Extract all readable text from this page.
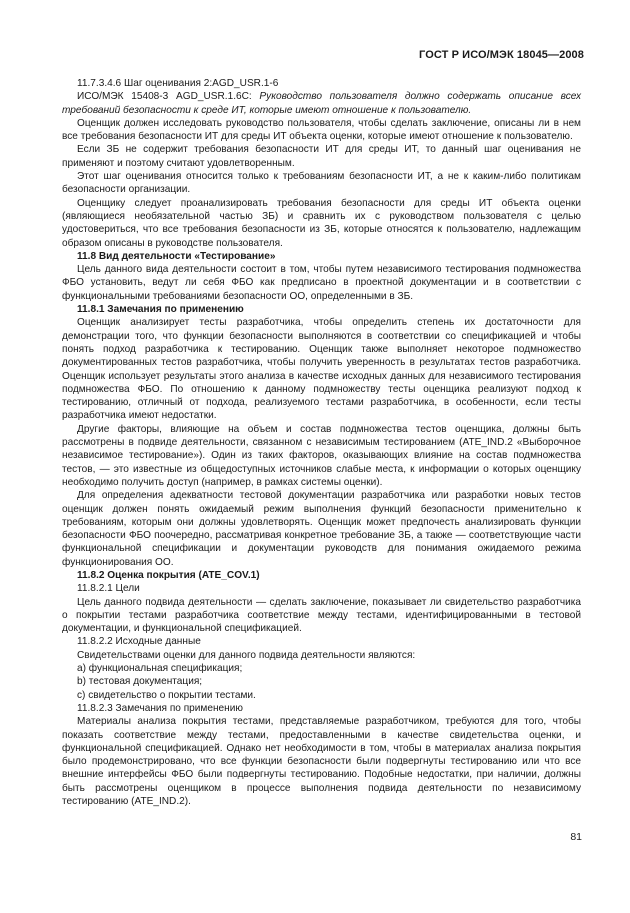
ГОСТ Р ИСО/МЭК 18045—2008

11.7.3.4.6 Шаг оценивания 2:AGD_USR.1-6

ИСО/МЭК 15408-3 AGD_USR.1.6C: Руководство пользователя должно содержать описание всех требований безопасности к среде ИТ, которые имеют отношение к пользователю.

Оценщик должен исследовать руководство пользователя, чтобы сделать заключение, описаны ли в нем все требования безопасности ИТ для среды ИТ объекта оценки, которые имеют отношение к пользователю.

Если ЗБ не содержит требования безопасности ИТ для среды ИТ, то данный шаг оценивания не применяют и поэтому считают удовлетворенным.

Этот шаг оценивания относится только к требованиям безопасности ИТ, а не к каким-либо политикам безопасности организации.

Оценщику следует проанализировать требования безопасности для среды ИТ объекта оценки (являющиеся необязательной частью ЗБ) и сравнить их с руководством пользователя с целью удостовериться, что все требования безопасности из ЗБ, которые относятся к пользователю, надлежащим образом описаны в руководстве пользователя.

11.8 Вид деятельности «Тестирование»

Цель данного вида деятельности состоит в том, чтобы путем независимого тестирования подмножества ФБО установить, ведут ли себя ФБО как предписано в проектной документации и в соответствии с функциональными требованиями безопасности ОО, определенными в ЗБ.

11.8.1 Замечания по применению

Оценщик анализирует тесты разработчика, чтобы определить степень их достаточности для демонстрации того, что функции безопасности выполняются в соответствии со спецификацией и чтобы понять подход разработчика к тестированию. Оценщик также выполняет некоторое подмножество документированных тестов разработчика, чтобы получить уверенность в результатах тестов разработчика. Оценщик использует результаты этого анализа в качестве исходных данных для независимого тестирования подмножества ФБО. По отношению к данному подмножеству тесты оценщика реализуют подход к тестированию, отличный от подхода, реализуемого тестами разработчика, в особенности, если тесты разработчика имеют недостатки.

Другие факторы, влияющие на объем и состав подмножества тестов оценщика, должны быть рассмотрены в подвиде деятельности, связанном с независимым тестированием (ATE_IND.2 «Выборочное независимое тестирование»). Один из таких факторов, оказывающих влияние на состав подмножества тестов, — это известные из общедоступных источников слабые места, к информации о которых оценщику необходимо получить доступ (например, в рамках системы оценки).

Для определения адекватности тестовой документации разработчика или разработки новых тестов оценщик должен понять ожидаемый режим выполнения функций безопасности применительно к требованиям, которым они должны удовлетворять. Оценщик может предпочесть анализировать функции безопасности ФБО поочередно, рассматривая конкретное требование ЗБ, а также — соответствующие части функциональной спецификации и документации руководств для понимания ожидаемого режима функционирования ОО.

11.8.2 Оценка покрытия (ATE_COV.1)

11.8.2.1 Цели

Цель данного подвида деятельности — сделать заключение, показывает ли свидетельство разработчика о покрытии тестами разработчика соответствие между тестами, идентифицированными в тестовой документации, и функциональной спецификацией.

11.8.2.2 Исходные данные

Свидетельствами оценки для данного подвида деятельности являются:

a) функциональная спецификация;

b) тестовая документация;

c) свидетельство о покрытии тестами.

11.8.2.3 Замечания по применению

Материалы анализа покрытия тестами, представляемые разработчиком, требуются для того, чтобы показать соответствие между тестами, предоставленными в качестве свидетельства оценки, и функциональной спецификацией. Однако нет необходимости в том, чтобы в материалах анализа покрытия было продемонстрировано, что все функции безопасности были подвергнуты тестированию или что все внешние интерфейсы ФБО были подвергнуты тестированию. Подобные недостатки, при наличии, должны быть рассмотрены оценщиком в процессе выполнения подвида деятельности по независимому тестированию (ATE_IND.2).

81
